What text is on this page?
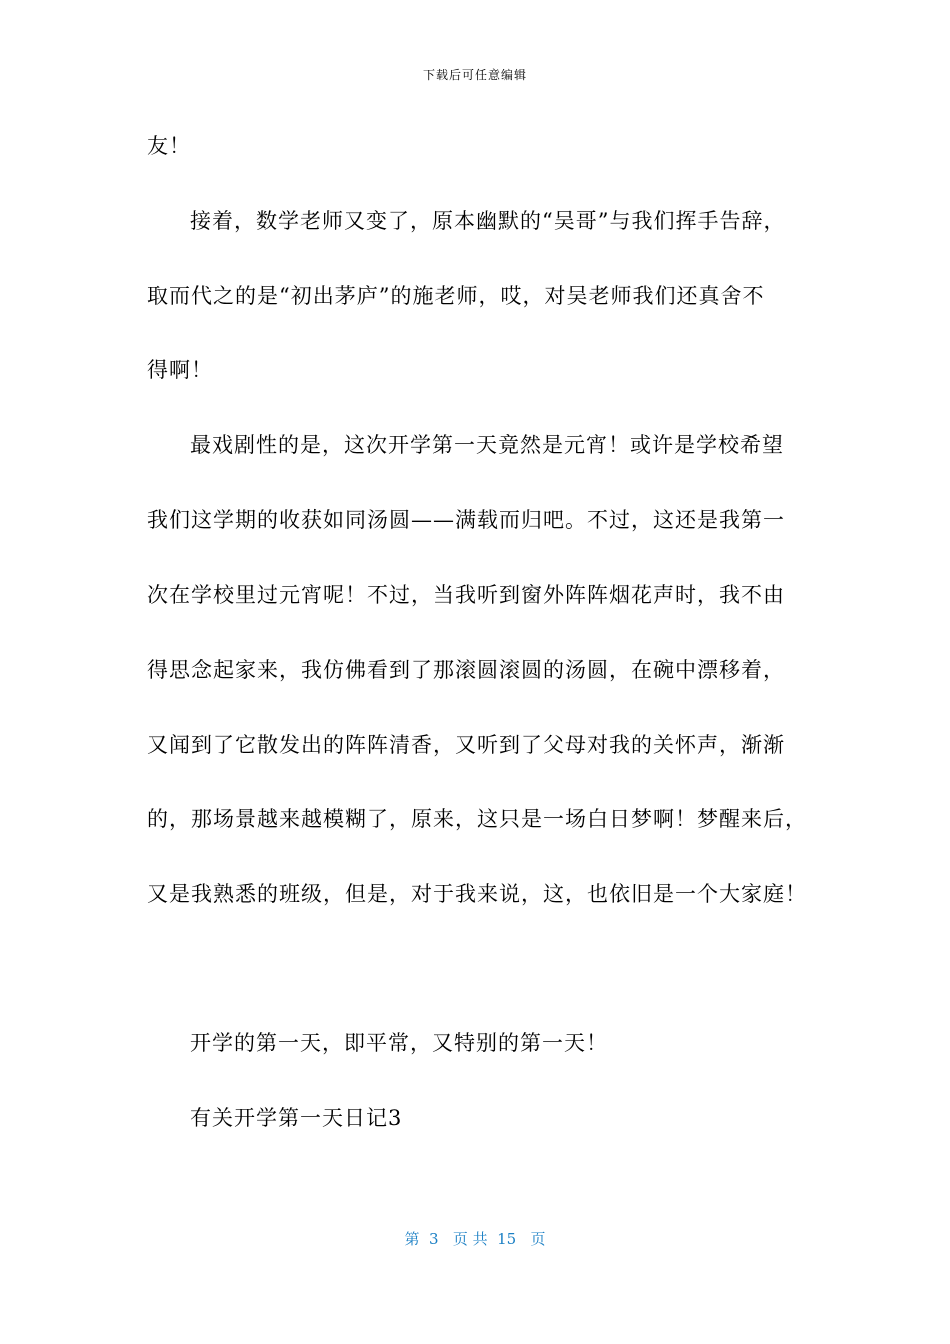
下载后可任意编辑
友！
接着，数学老师又变了，原本幽默的“吴哥”与我们挥手告辞，
取而代之的是“初出茅庐”的施老师，哎，对吴老师我们还真舍不
得啊！
最戏剧性的是，这次开学第一天竟然是元宵！或许是学校希望
我们这学期的收获如同汤圆——满载而归吧。不过，这还是我第一
次在学校里过元宵呢！不过，当我听到窗外阵阵烟花声时，我不由
得思念起家来，我仿佛看到了那滚圆滚圆的汤圆，在碗中漂移着，
又闻到了它散发出的阵阵清香，又听到了父母对我的关怀声，渐渐
的，那场景越来越模糊了，原来，这只是一场白日梦啊！梦醒来后，
又是我熟悉的班级，但是，对于我来说，这，也依旧是一个大家庭！
开学的第一天，即平常，又特别的第一天！
有关开学第一天日记3
第  3   页 共  15   页
